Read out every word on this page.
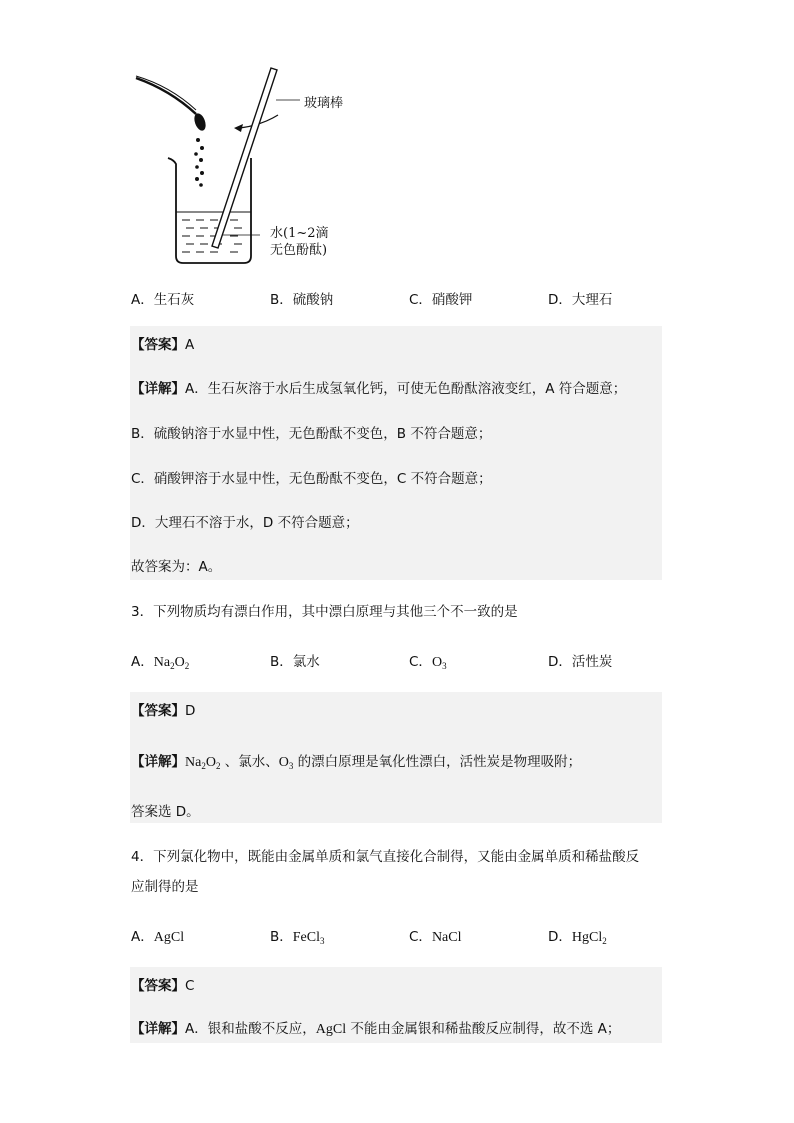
玻璃棒
水(1~2滴
无色酚酞)
A．生石灰	B．硫酸钠	C．硝酸钾	D．大理石
【答案】A
【详解】A．生石灰溶于水后生成氢氧化钙，可使无色酚酞溶液变红，A 符合题意；
B．硫酸钠溶于水显中性，无色酚酞不变色，B 不符合题意；
C．硝酸钾溶于水显中性，无色酚酞不变色，C 不符合题意；
D．大理石不溶于水，D 不符合题意；
故答案为：A。
3．下列物质均有漂白作用，其中漂白原理与其他三个不一致的是
A．$Na_2O_2$	B．氯水	C．$O_3$	D．活性炭
【答案】D
【详解】$Na_2O_2$ 、氯水、$O_3$ 的漂白原理是氧化性漂白，活性炭是物理吸附；
答案选 D。
4．下列氯化物中，既能由金属单质和氯气直接化合制得，又能由金属单质和稀盐酸反
应制得的是
A．AgCl	B．FeCl$_3$	C．NaCl	D．HgCl$_2$
【答案】C
【详解】A．银和盐酸不反应，AgCl 不能由金属银和稀盐酸反应制得，故不选 A；
